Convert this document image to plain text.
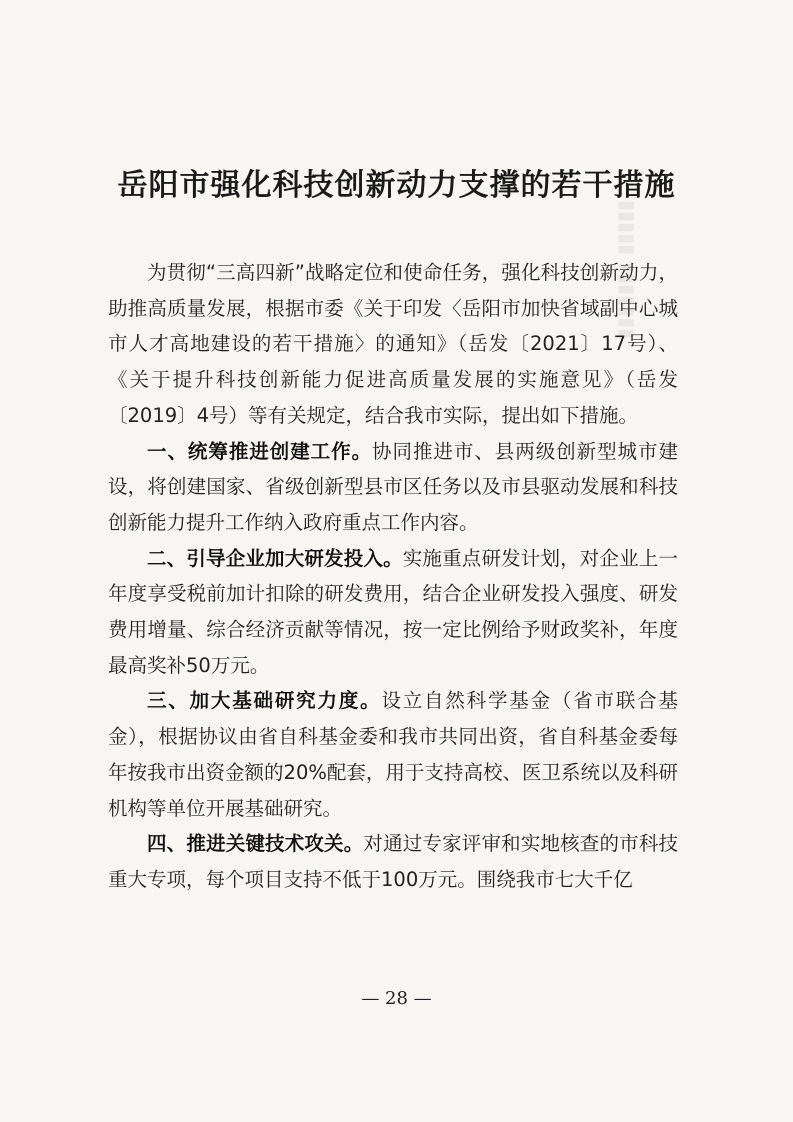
▮▮▮▮▮ ▮▮▮▮▮▮▮
岳阳市强化科技创新动力支撑的若干措施

为贯彻“三高四新”战略定位和使命任务，强化科技创新动力，助推高质量发展，根据市委《关于印发〈岳阳市加快省域副中心城市人才高地建设的若干措施〉的通知》（岳发〔2021〕17号）、《关于提升科技创新能力促进高质量发展的实施意见》（岳发〔2019〕4号）等有关规定，结合我市实际，提出如下措施。

一、统筹推进创建工作。协同推进市、县两级创新型城市建设，将创建国家、省级创新型县市区任务以及市县驱动发展和科技创新能力提升工作纳入政府重点工作内容。

二、引导企业加大研发投入。实施重点研发计划，对企业上一年度享受税前加计扣除的研发费用，结合企业研发投入强度、研发费用增量、综合经济贡献等情况，按一定比例给予财政奖补，年度最高奖补50万元。

三、加大基础研究力度。设立自然科学基金（省市联合基金），根据协议由省自科基金委和我市共同出资，省自科基金委每年按我市出资金额的20%配套，用于支持高校、医卫系统以及科研机构等单位开展基础研究。

四、推进关键技术攻关。对通过专家评审和实地核查的市科技重大专项，每个项目支持不低于100万元。围绕我市七大千亿

— 28 —
